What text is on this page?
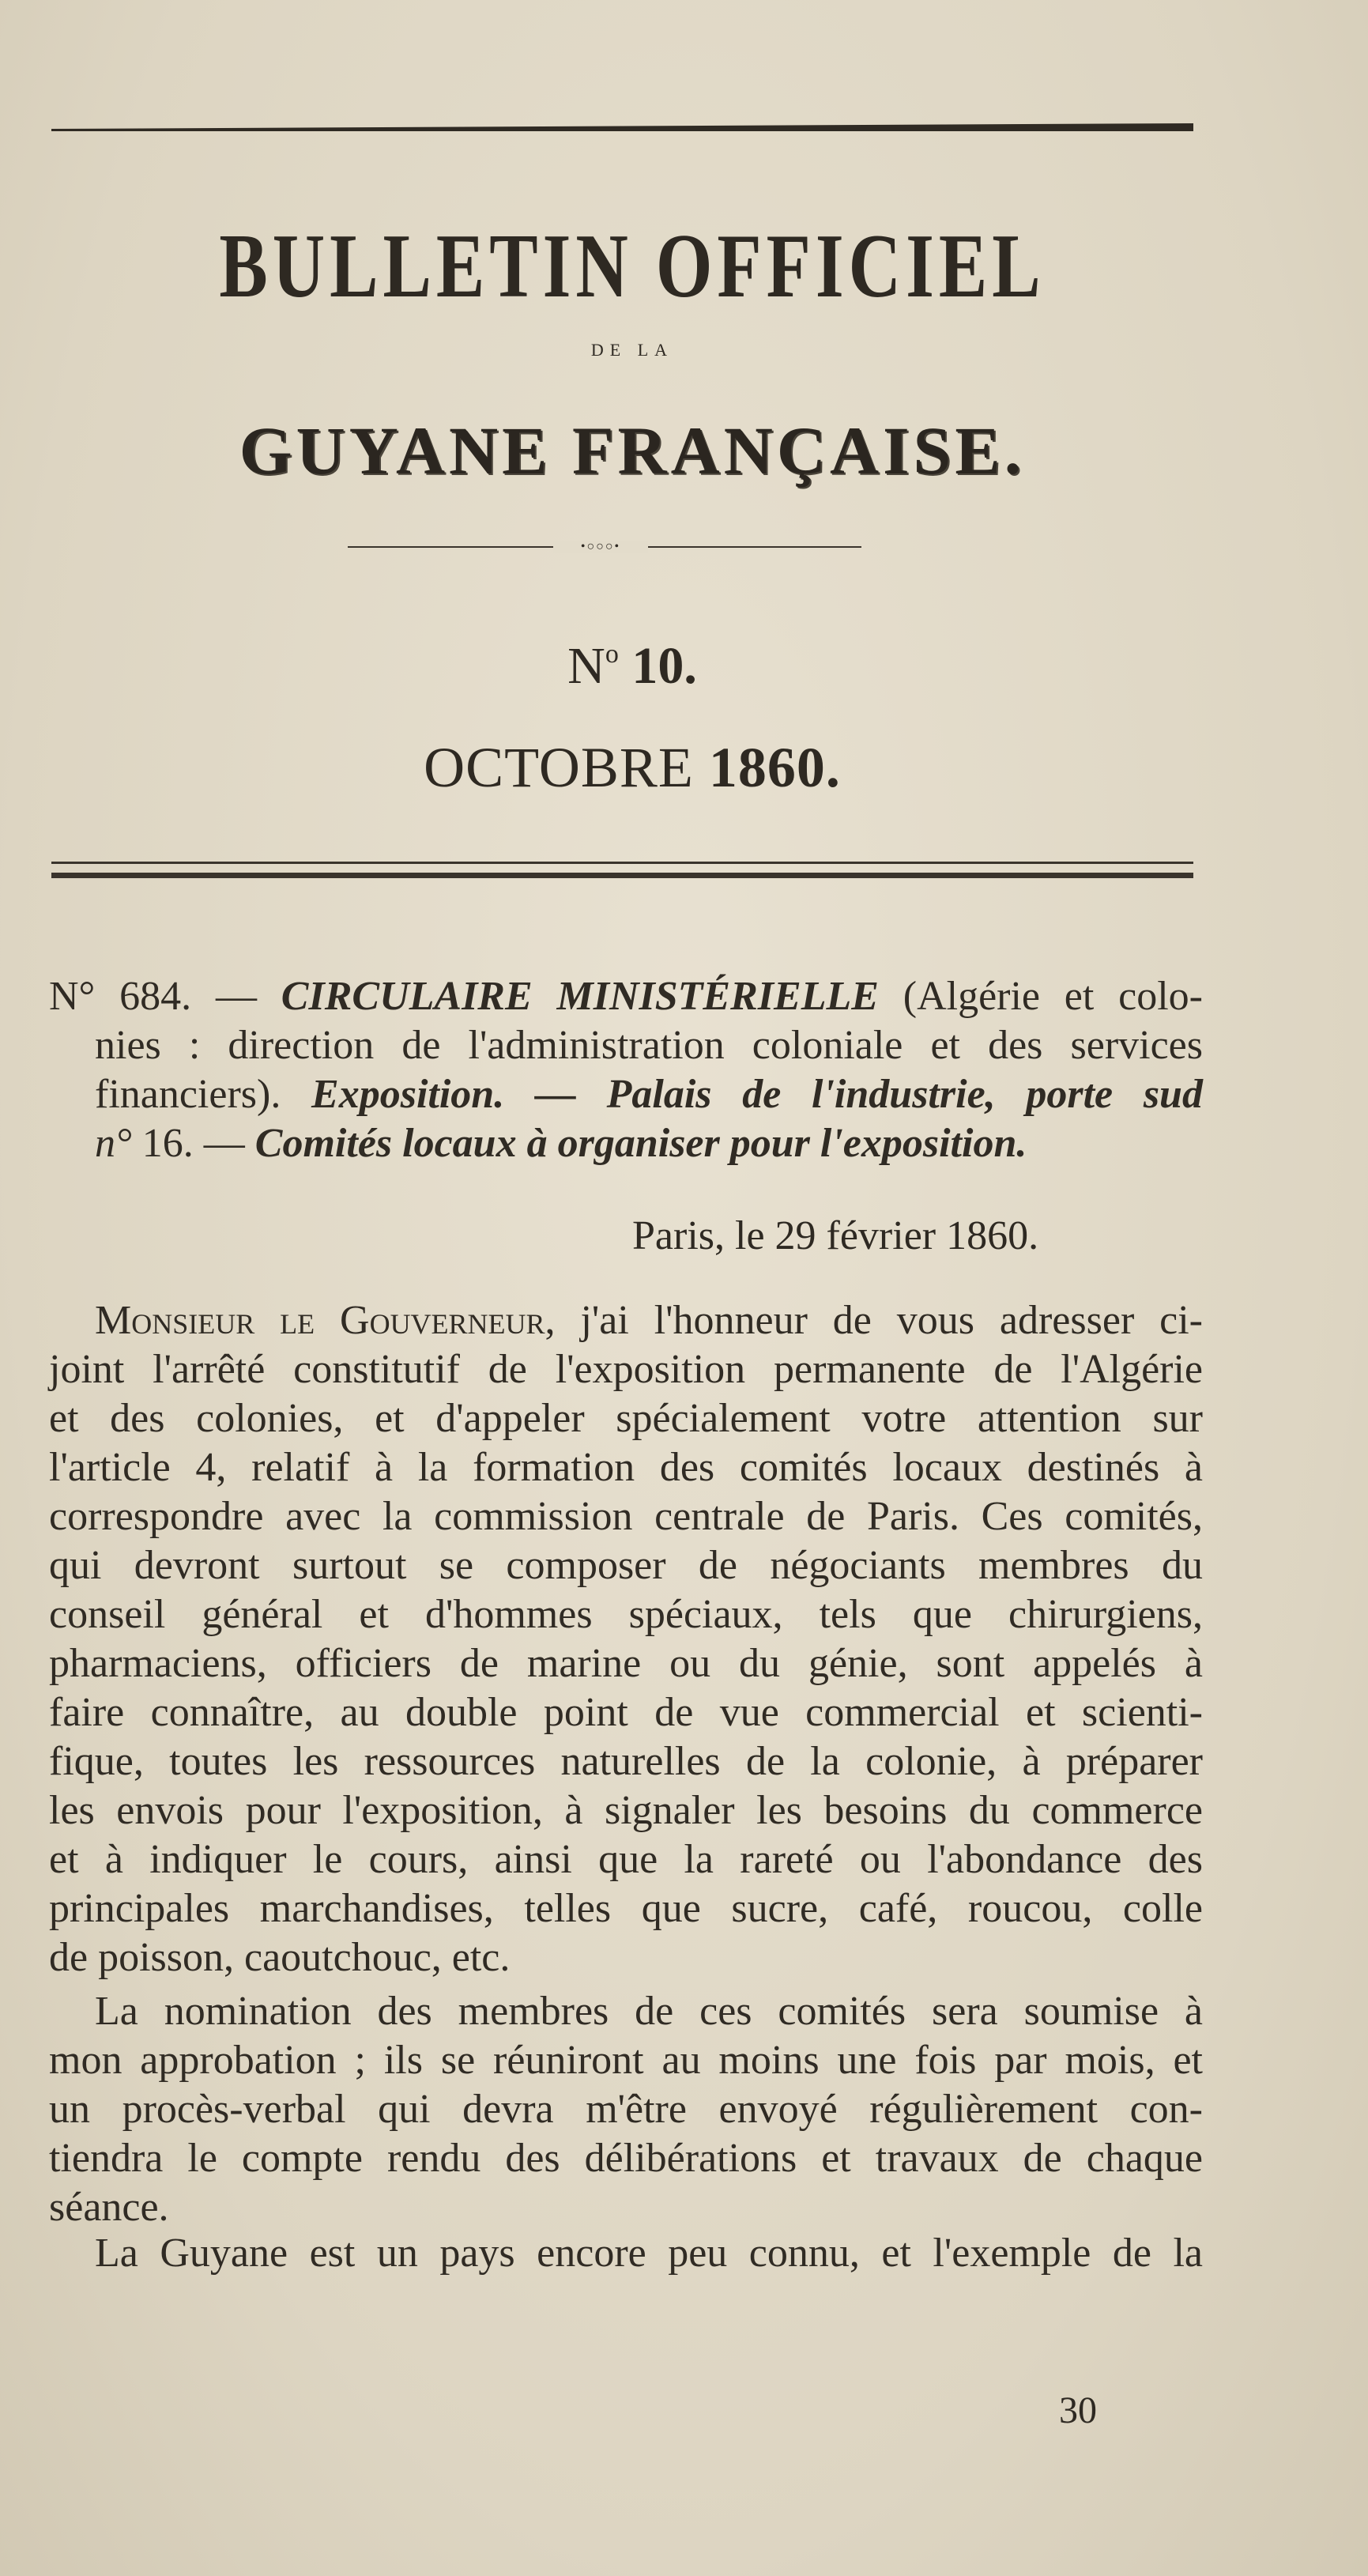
BULLETIN OFFICIEL
DE LA
GUYANE FRANÇAISE.
•○○○•
$N^o$ 10.
OCTOBRE 1860.
N° 684. — CIRCULAIRE MINISTÉRIELLE (Algérie et colo-
nies : direction de l'administration coloniale et des services
financiers). Exposition. — Palais de l'industrie, porte sud
n° 16. — Comités locaux à organiser pour l'exposition.
Paris, le 29 février 1860.
Monsieur le Gouverneur, j'ai l'honneur de vous adresser ci-
joint l'arrêté constitutif de l'exposition permanente de l'Algérie
et des colonies, et d'appeler spécialement votre attention sur
l'article 4, relatif à la formation des comités locaux destinés à
correspondre avec la commission centrale de Paris. Ces comités,
qui devront surtout se composer de négociants membres du
conseil général et d'hommes spéciaux, tels que chirurgiens,
pharmaciens, officiers de marine ou du génie, sont appelés à
faire connaître, au double point de vue commercial et scienti-
fique, toutes les ressources naturelles de la colonie, à préparer
les envois pour l'exposition, à signaler les besoins du commerce
et à indiquer le cours, ainsi que la rareté ou l'abondance des
principales marchandises, telles que sucre, café, roucou, colle
de poisson, caoutchouc, etc.
La nomination des membres de ces comités sera soumise à
mon approbation ; ils se réuniront au moins une fois par mois, et
un procès-verbal qui devra m'être envoyé régulièrement con-
tiendra le compte rendu des délibérations et travaux de chaque
séance.
La Guyane est un pays encore peu connu, et l'exemple de la
30
